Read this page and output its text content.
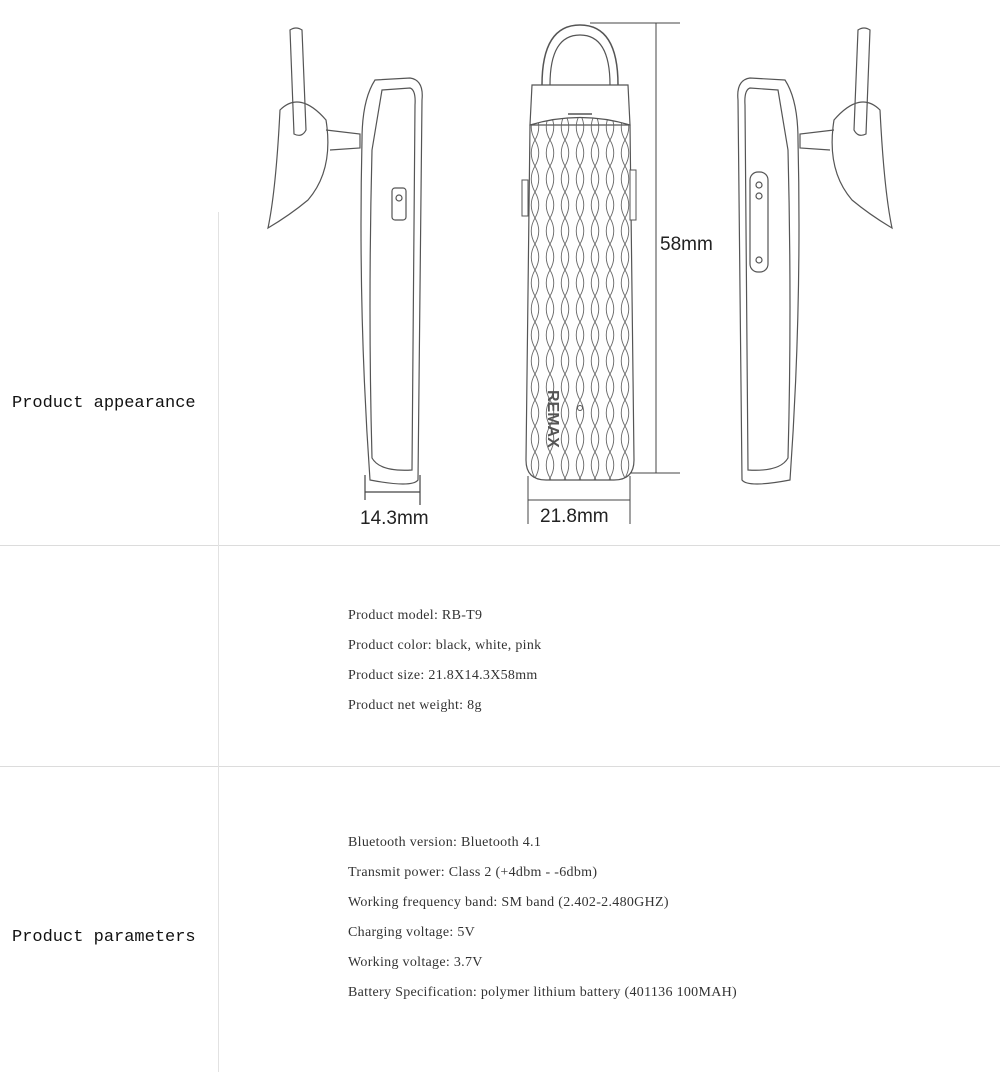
Product appearance
14.3mm
REMAX
58mm
21.8mm
Product model: RB-T9
Product color: black, white, pink
Product size: 21.8X14.3X58mm
Product net weight: 8g
Product parameters
Bluetooth version: Bluetooth 4.1
Transmit power: Class 2 (+4dbm - -6dbm)
Working frequency band: SM band (2.402-2.480GHZ)
Charging voltage: 5V
Working voltage: 3.7V
Battery Specification: polymer lithium battery (401136 100MAH)
